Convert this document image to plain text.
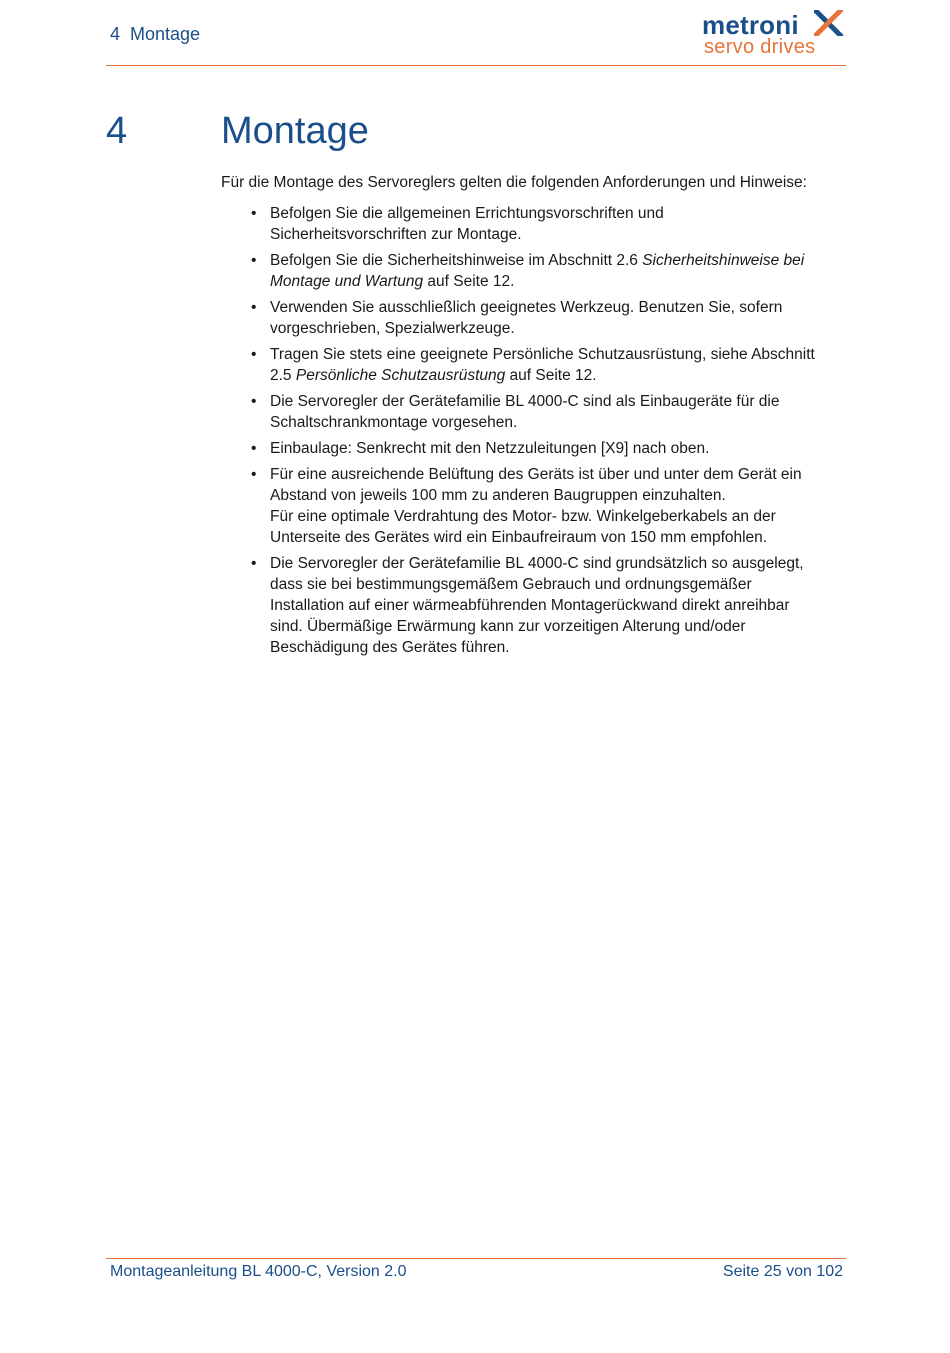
4 Montage	metroni
servo drives
4 Montage

Für die Montage des Servoreglers gelten die folgenden Anforderungen und Hinweise:

• Befolgen Sie die allgemeinen Errichtungsvorschriften und
Sicherheitsvorschriften zur Montage.
• Befolgen Sie die Sicherheitshinweise im Abschnitt 2.6 Sicherheitshinweise bei
Montage und Wartung auf Seite 12.
• Verwenden Sie ausschließlich geeignetes Werkzeug. Benutzen Sie, sofern
vorgeschrieben, Spezialwerkzeuge.
• Tragen Sie stets eine geeignete Persönliche Schutzausrüstung, siehe Abschnitt
2.5 Persönliche Schutzausrüstung auf Seite 12.
• Die Servoregler der Gerätefamilie BL 4000-C sind als Einbaugeräte für die
Schaltschrankmontage vorgesehen.
• Einbaulage: Senkrecht mit den Netzzuleitungen [X9] nach oben.
• Für eine ausreichende Belüftung des Geräts ist über und unter dem Gerät ein
Abstand von jeweils 100 mm zu anderen Baugruppen einzuhalten.
Für eine optimale Verdrahtung des Motor- bzw. Winkelgeberkabels an der
Unterseite des Gerätes wird ein Einbaufreiraum von 150 mm empfohlen.
• Die Servoregler der Gerätefamilie BL 4000-C sind grundsätzlich so ausgelegt,
dass sie bei bestimmungsgemäßem Gebrauch und ordnungsgemäßer
Installation auf einer wärmeabführenden Montagerückwand direkt anreihbar
sind. Übermäßige Erwärmung kann zur vorzeitigen Alterung und/oder
Beschädigung des Gerätes führen.
Montageanleitung BL 4000-C, Version 2.0	Seite 25 von 102
